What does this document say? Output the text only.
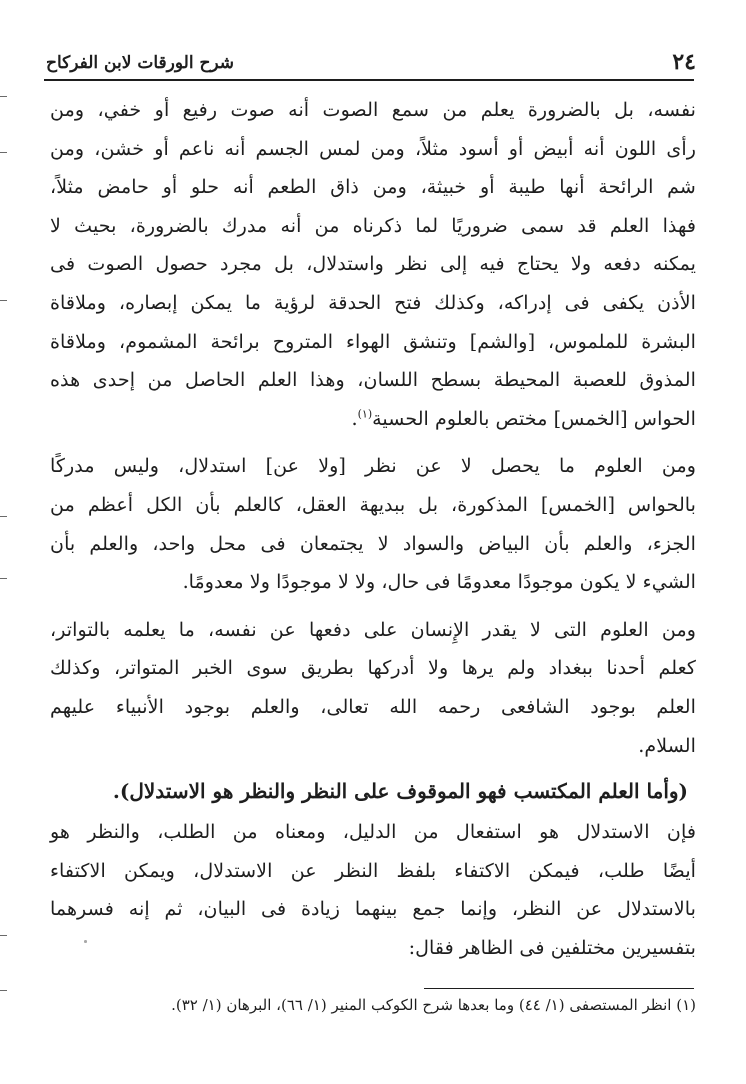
٢٤
شرح الورقات لابن الفركاح
نفسه، بل بالضرورة يعلم من سمع الصوت أنه صوت رفيع أو خفي، ومن
رأى اللون أنه أبيض أو أسود مثلاً، ومن لمس الجسم أنه ناعم أو خشن، ومن
شم الرائحة أنها طيبة أو خبيثة، ومن ذاق الطعم أنه حلو أو حامض مثلاً،
فهذا العلم قد سمى ضروريًا لما ذكرناه من أنه مدرك بالضرورة، بحيث لا
يمكنه دفعه ولا يحتاج فيه إلى نظر واستدلال، بل مجرد حصول الصوت فى
الأذن يكفى فى إدراكه، وكذلك فتح الحدقة لرؤية ما يمكن إبصاره، وملاقاة
البشرة للملموس، [والشم] وتنشق الهواء المتروح برائحة المشموم، وملاقاة
المذوق للعصبة المحيطة بسطح اللسان، وهذا العلم الحاصل من إحدى هذه
الحواس [الخمس] مختص بالعلوم الحسية$^{(١)}$.
ومن العلوم ما يحصل لا عن نظر [ولا عن] استدلال، وليس مدركًا
بالحواس [الخمس] المذكورة، بل ببديهة العقل، كالعلم بأن الكل أعظم من
الجزء، والعلم بأن البياض والسواد لا يجتمعان فى محل واحد، والعلم بأن
الشيء لا يكون موجودًا معدومًا فى حال، ولا لا موجودًا ولا معدومًا.
ومن العلوم التى لا يقدر الإِنسان على دفعها عن نفسه، ما يعلمه بالتواتر،
كعلم أحدنا ببغداد ولم يرها ولا أدركها بطريق سوى الخبر المتواتر، وكذلك
العلم بوجود الشافعى رحمه الله تعالى، والعلم بوجود الأنبياء عليهم
السلام.
(وأما العلم المكتسب فهو الموقوف على النظر والنظر هو الاستدلال).
فإن الاستدلال هو استفعال من الدليل، ومعناه من الطلب، والنظر هو
أيضًا طلب، فيمكن الاكتفاء بلفظ النظر عن الاستدلال، ويمكن الاكتفاء
بالاستدلال عن النظر، وإنما جمع بينهما زيادة فى البيان، ثم إنه فسرهما
بتفسيرين مختلفين فى الظاهر فقال:
(١) انظر المستصفى (١/ ٤٤) وما بعدها شرح الكوكب المنير (١/ ٦٦)، البرهان (١/ ٣٢).
